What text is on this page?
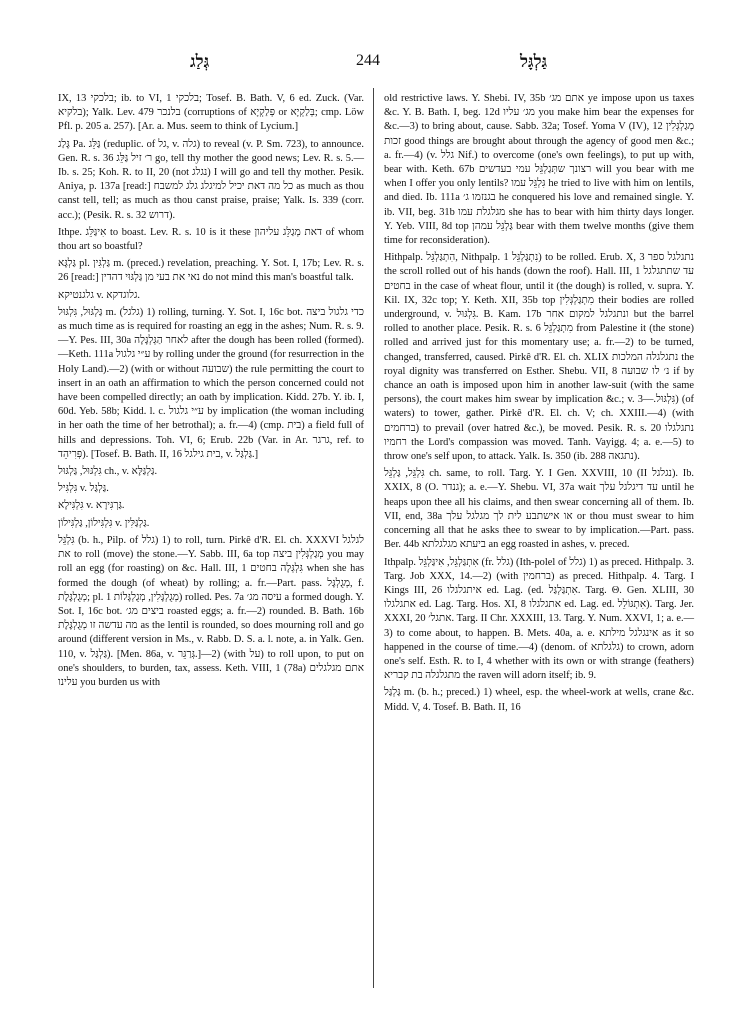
גְּלַג	244	גַּלְגָּל

IX, 13 בלכקי; ib. to VI, 1 בלכקי; Tosef. B. Bath. V, 6 ed. Zuck. (Var. בלקיא); Yalk. Lev. 479 בלנכר (corruptions of פְּלַקְיָא or בְּלַקְיָא; cmp. Löw Pfl. p. 205 a. 257). [Ar. a. Mus. seem to think of Lycium.]

גָּלַג Pa. גַּלֵּג (reduplic. of גל, v. גלה) to reveal (v. P. Sm. 723), to announce. Gen. R. s. 36 ר׳ זיל גַּלֵּג go, tell thy mother the good news; Lev. R. s. 5.—Ib. s. 25; Koh. R. to II, 20 (not נגלג) I will go and tell thy mother. Pesik. Aniya, p. 137a [read:] כל מה דאת יכיל למיגלג גלג למשבח as much as thou canst tell, tell; as much as thou canst praise, praise; Yalk. Is. 339 (corr. acc.); (Pesik. R. s. 32 דרוש).

Ithpe. אִיגַּלֵּג to boast. Lev. R. s. 10 is it these דאת מְגַלֵּג עליהון of whom thou art so boastful?

גַּלְגָּא pl. גַּלְגִּין m. (preced.) revelation, preaching. Y. Sot. I, 17b; Lev. R. s. 26 [read:] נאי את בעי מן גַּלְגּוּי דהדין do not mind this man's boastful talk.

גלגנטיקא v. גלוגדקא.

גַּלְגּוּל, גִּלְגּוּל m. (גלגל) 1) rolling, turning. Y. Sot. I, 16c bot. כדי גלגול ביצה as much time as is required for roasting an egg in the ashes; Num. R. s. 9.—Y. Pes. III, 30a לאחר הַגְּלְגָּלָה after the dough has been rolled (formed).—Keth. 111a ע״י גלגול by rolling under the ground (for resurrection in the Holy Land).—2) (with or without שבועה) the rule permitting the court to insert in an oath an affirmation to which the person concerned could not have been compelled directly; an oath by implication. Kidd. 27b. Y. ib. I, 60d. Yeb. 58b; Kidd. l. c. ע״י גלגול by implication (the woman including in her oath the time of her betrothal); a. fr.—4) (cmp. בית) a field full of hills and depressions. Toh. VI, 6; Erub. 22b (Var. in Ar. גרגר, ref. to פְּרִיהֵד). [Tosef. B. Bath. II, 16 בית גילגל, v. גַּלְגַּל.]

גִּלְגּוּל, גַּלְגּוּל ch., v. גַּלְגַּלָּא.

גִּלְגִּיל v. גַּלְגַּל.

גִּלְגִּילָא v. גַּרְגִּירָא.

גִּלְגִּילוֹן, גַּלְגִּילוֹן v. גַּלְגַּלִּין.

גִּלְגֵּל (b. h., Pilp. of גלל) 1) to roll, turn. Pirkê d'R. El. ch. XXXVI לגלגל את to roll (move) the stone.—Y. Sabb. III, 6a top מְגַלְגְּלִין ביצה you may roll an egg (for roasting) on &c. Hall. III, 1 גִּלְגְּלָה בחטים when she has formed the dough (of wheat) by rolling; a. fr.—Part. pass. מְגֻלְגָּל, f. מְגֻלְגֶּלֶת; pl. מְגֻלְגָּלִין, מְגֻלְגָּלוֹת 1) rolled. Pes. 7a עיסה מג׳ a formed dough. Y. Sot. I, 16c bot. ביצים מג׳ roasted eggs; a. fr.—2) rounded. B. Bath. 16b מה עדשה זו מְגֻלְגֶּלֶת as the lentil is rounded, so does mourning roll and go around (different version in Ms., v. Rabb. D. S. a. l. note, a. in Yalk. Gen. 110, v. גַּלְגַּל). [Men. 86a, v. גְּרַגֵּר.]—2) (with על) to roll upon, to put on one's shoulders, to burden, tax, assess. Keth. VIII, 1 (78a) אתם מגלגלים עלינו you burden us with

old restrictive laws. Y. Shebi. IV, 35b אתם מג׳ ye impose upon us taxes &c. Y. B. Bath. I, beg. 12d מג׳ עליו you make him bear the expenses for &c.—3) to bring about, cause. Sabb. 32a; Tosef. Yoma V (IV), 12 מְגַלְגְּלִין זכות good things are brought about through the agency of good men &c.; a. fr.—4) (v. גלל Nif.) to overcome (one's own feelings), to put up with, bear with. Keth. 67b רצונך שתְּגַלְגֵּל עמי בעדשים will you bear with me when I offer you only lentils? גִּלְגֵּל עמו he tried to live with him on lentils, and died. Ib. 111a בגנזמו ג׳ he conquered his love and remained single. Y. ib. VII, beg. 31b מגלגלת עמו she has to bear with him thirty days longer. Y. Yeb. VIII, 8d top גַּלְגֵּל עמהן bear with them twelve months (give them time for reconsideration).

Hithpalp. הִתְגַּלְגֵּל, Nithpalp. נִתְגַּלְגֵּל 1) to be rolled. Erub. X, 3 נתגלגל ספר the scroll rolled out of his hands (down the roof). Hall. III, 1 עד שתתגלגל בחטים in the case of wheat flour, until it (the dough) is rolled, v. supra. Y. Kil. IX, 32c top; Y. Keth. XII, 35b top מִתְגַּלְגְּלִין their bodies are rolled underground, v. גִּלְגּוּל. B. Kam. 17b ונתגלגל למקום אחר but the barrel rolled to another place. Pesik. R. s. 6 מִתְגַּלְגֵּל from Palestine it (the stone) rolled and arrived just for this momentary use; a. fr.—2) to be turned, changed, transferred, caused. Pirkê d'R. El. ch. XLIX נתגלגלה המלכות the royal dignity was transferred on Esther. Shebu. VII, 8 נ׳ לו שבועה if by chance an oath is imposed upon him in another law-suit (with the same persons), the court makes him swear by implication &c.; v. גִּלְגּוּל.—3) (of waters) to tower, gather. Pirkê d'R. El. ch. V; ch. XXIII.—4) (with ברחמים) to prevail (over hatred &c.), be moved. Pesik. R. s. 20 נתגלגלו רחמיו the Lord's compassion was moved. Tanh. Vayigg. 4; a. e.—5) to throw one's self upon, to attack. Yalk. Is. 350 (ib. 288 נתגאה).

גִּלְגֵּל, גַּלְגֵּל ch. same, to roll. Targ. Y. I Gen. XXVIII, 10 (II נגלגל). Ib. XXIX, 8 (O. גנדר); a. e.—Y. Shebu. VI, 37a wait עד דיגלגל עלך until he heaps upon thee all his claims, and then swear concerning all of them. Ib. VII, end, 38a או אישתבע לית לך מגלגל עלך or thou must swear to him concerning all that he asks thee to swear to by implication.—Part. pass. Ber. 44b ביעתא מגלגלתא an egg roasted in ashes, v. preced.

Ithpalp. אִתְגַּלְגֵּל, אִיגַּלְגֵּל (fr. גלל) (Ith-polel of גלל) 1) as preced. Hithpalp. 3. Targ. Job XXX, 14.—2) (with ברחמין) as preced. Hithpalp. 4. Targ. I Kings III, 26 איתגלגלו ed. Lag. (ed. אִתְגַּלְגַּל. Targ. Θ. Gen. XLIII, 30 אתגלגלו ed. Lag. Targ. Hos. XI, 8 אתגלגלו ed. Lag. ed. אִתְגּוֹלֵל). Targ. Jer. XXXI, 20 אתגל׳. Targ. II Chr. XXXIII, 13. Targ. Y. Num. XXVI, 1; a. e.—3) to come about, to happen. B. Mets. 40a, a. e. אינגלגל מילתא as it so happened in the course of time.—4) (denom. of גלגלתא) to crown, adorn one's self. Esth. R. to I, 4 whether with its own or with strange (feathers) מתגלגלה בת קבריא the raven will adorn itself; ib. 9.

גַּלְגַּל m. (b. h.; preced.) 1) wheel, esp. the wheel-work at wells, crane &c. Midd. V, 4. Tosef. B. Bath. II, 16
